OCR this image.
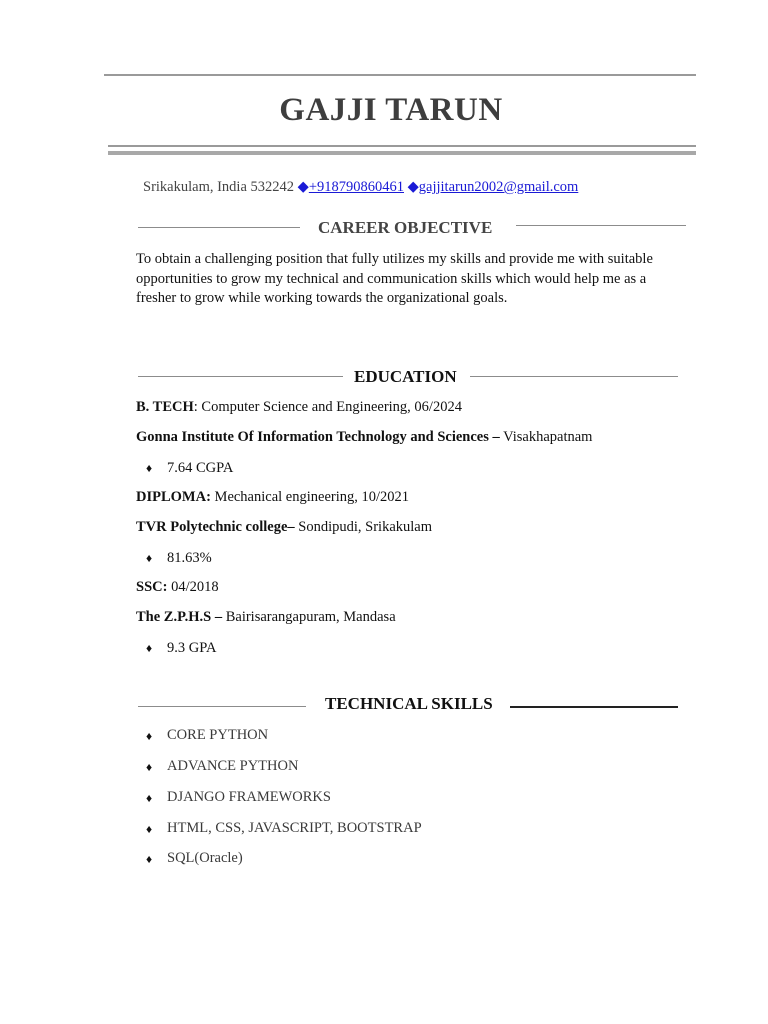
GAJJI TARUN
Srikakulam, India 532242 ◆+918790860461 ◆gajjitarun2002@gmail.com
CAREER OBJECTIVE
To obtain a challenging position that fully utilizes my skills and provide me with suitable
opportunities to grow my technical and communication skills which would help me as a
fresher to grow while working towards the organizational goals.
EDUCATION
B. TECH: Computer Science and Engineering, 06/2024
Gonna Institute Of Information Technology and Sciences – Visakhapatnam
♦ 7.64 CGPA
DIPLOMA: Mechanical engineering, 10/2021
TVR Polytechnic college– Sondipudi, Srikakulam
♦ 81.63%
SSC: 04/2018
The Z.P.H.S – Bairisarangapuram, Mandasa
♦ 9.3 GPA
TECHNICAL SKILLS
♦ CORE PYTHON
♦ ADVANCE PYTHON
♦ DJANGO FRAMEWORKS
♦ HTML, CSS, JAVASCRIPT, BOOTSTRAP
♦ SQL(Oracle)
